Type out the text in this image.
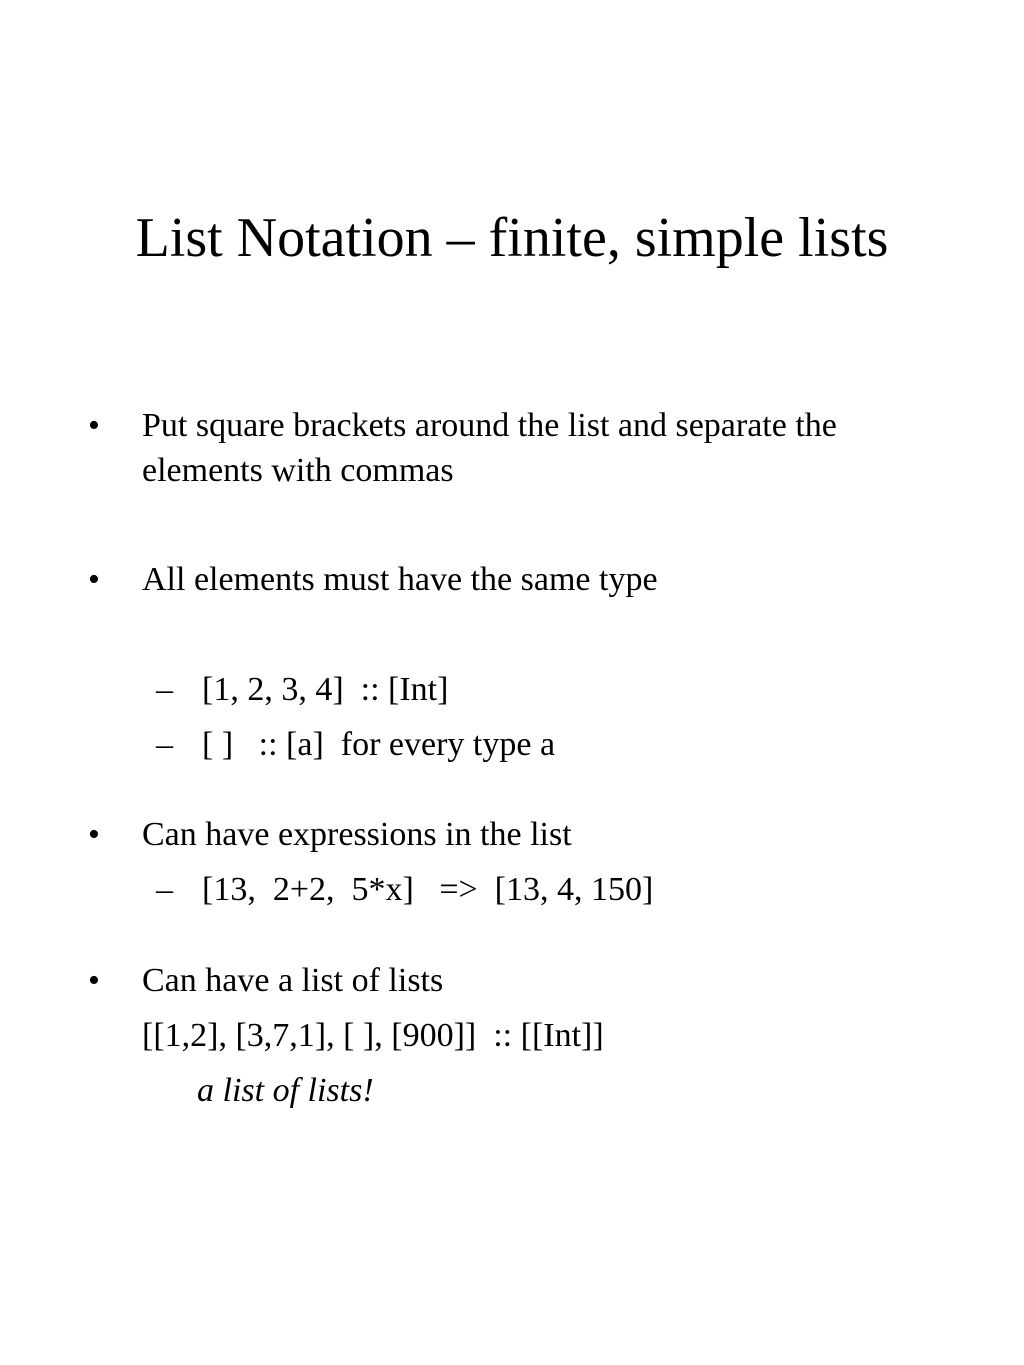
List Notation – finite, simple lists
• Put square brackets around the list and separate the
elements with commas
• All elements must have the same type
– [1, 2, 3, 4]  :: [Int]
– [ ]   :: [a]  for every type a
• Can have expressions in the list
– [13,  2+2,  5*x]   =>  [13, 4, 150]
• Can have a list of lists
[[1,2], [3,7,1], [ ], [900]]  :: [[Int]]
a list of lists!
